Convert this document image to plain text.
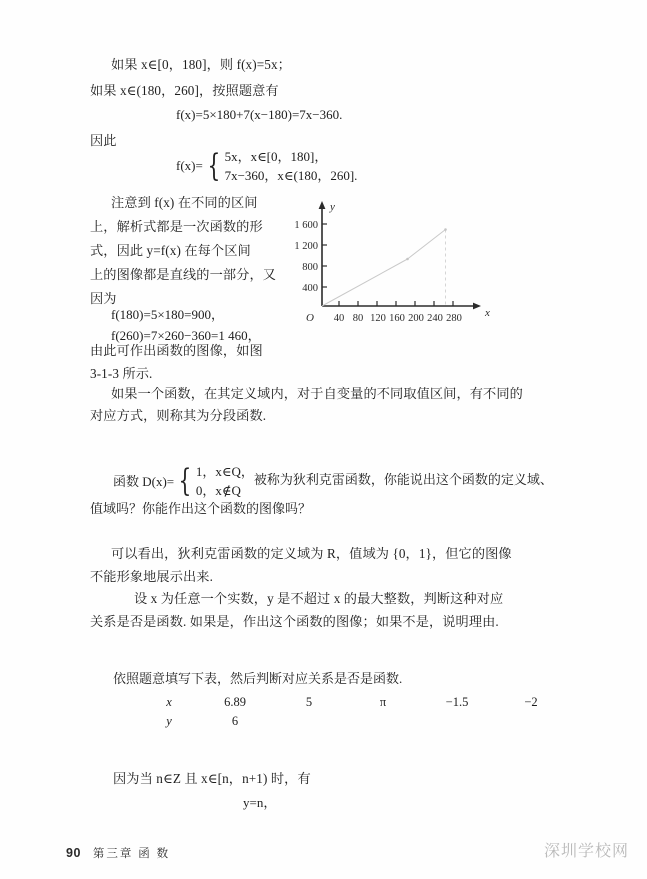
如果 x∈[0，180]，则 f(x)=5x；
如果 x∈(180，260]，按照题意有
f(x)=5×180+7(x−180)=7x−360.
因此
f(x)= { 5x，x∈[0，180]，
7x−360，x∈(180，260].
注意到 f(x) 在不同的区间
上，解析式都是一次函数的形
式，因此 y=f(x) 在每个区间
上的图像都是直线的一部分，又
因为
f(180)=5×180=900，
f(260)=7×260−360=1 460，
由此可作出函数的图像，如图
3-1-3 所示.
y
x
O
1 600
1 200
800
400
40 80 120 160 200 240 280
如果一个函数，在其定义域内，对于自变量的不同取值区间，有不同的
对应方式，则称其为分段函数.
函数 D(x)= { 1，x∈Q，
0，x∉Q
被称为狄利克雷函数，你能说出这个函数的定义域、
值域吗？你能作出这个函数的图像吗？
可以看出，狄利克雷函数的定义域为 R，值域为 {0，1}，但它的图像
不能形象地展示出来.
设 x 为任意一个实数，y 是不超过 x 的最大整数，判断这种对应
关系是否是函数. 如果是，作出这个函数的图像；如果不是，说明理由.
依照题意填写下表，然后判断对应关系是否是函数.
x	6.89	5	π	−1.5	−2
y	6				
因为当 n∈Z 且 x∈[n，n+1) 时，有
y=n，
90 第三章 函 数	深圳学校网
